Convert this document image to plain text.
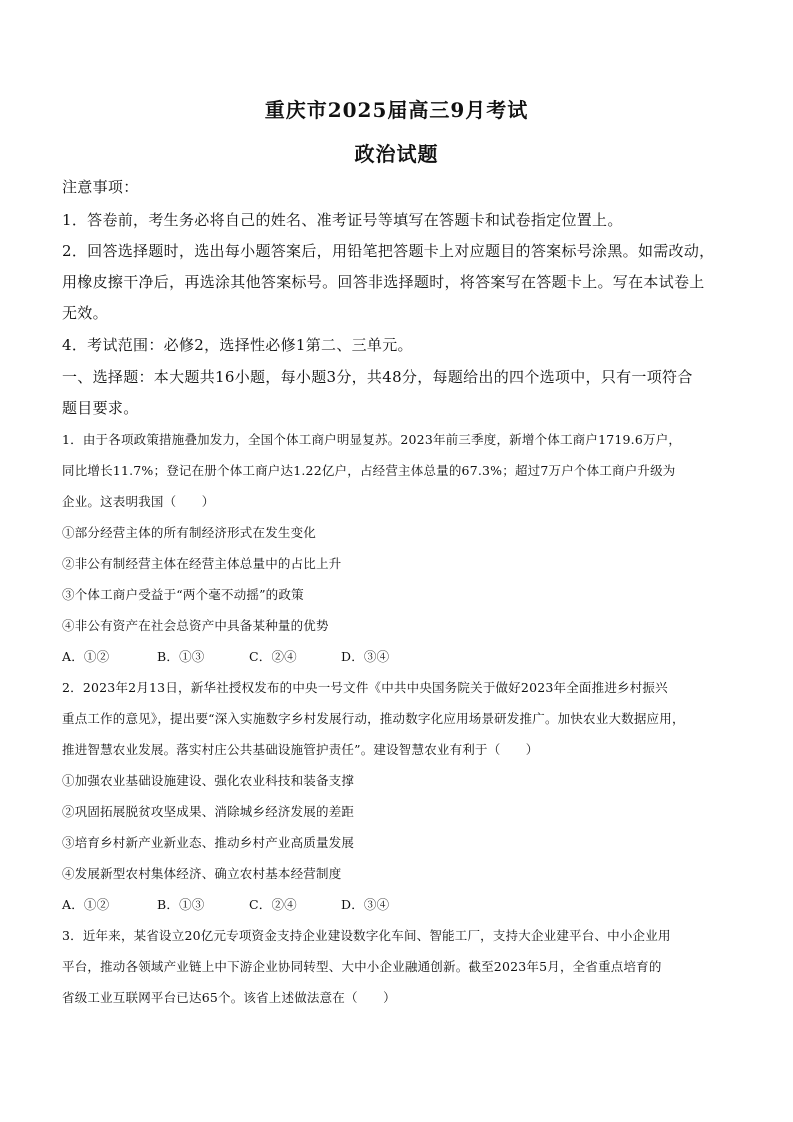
重庆市2025届高三9月考试
政治试题
注意事项：
1．答卷前，考生务必将自己的姓名、准考证号等填写在答题卡和试卷指定位置上。
2．回答选择题时，选出每小题答案后，用铅笔把答题卡上对应题目的答案标号涂黑。如需改动，
用橡皮擦干净后，再选涂其他答案标号。回答非选择题时，将答案写在答题卡上。写在本试卷上
无效。
4．考试范围：必修2，选择性必修1第二、三单元。
一、选择题：本大题共16小题，每小题3分，共48分，每题给出的四个选项中，只有一项符合
题目要求。
1．由于各项政策措施叠加发力，全国个体工商户明显复苏。2023年前三季度，新增个体工商户1719.6万户，
同比增长11.7%；登记在册个体工商户达1.22亿户，占经营主体总量的67.3%；超过7万户个体工商户升级为
企业。这表明我国（　　）
①部分经营主体的所有制经济形式在发生变化
②非公有制经营主体在经营主体总量中的占比上升
③个体工商户受益于“两个毫不动摇”的政策
④非公有资产在社会总资产中具备某种量的优势
A．①②	B．①③	C．②④	D．③④
2．2023年2月13日，新华社授权发布的中央一号文件《中共中央国务院关于做好2023年全面推进乡村振兴
重点工作的意见》，提出要“深入实施数字乡村发展行动，推动数字化应用场景研发推广。加快农业大数据应用，
推进智慧农业发展。落实村庄公共基础设施管护责任”。建设智慧农业有利于（　　）
①加强农业基础设施建设、强化农业科技和装备支撑
②巩固拓展脱贫攻坚成果、消除城乡经济发展的差距
③培育乡村新产业新业态、推动乡村产业高质量发展
④发展新型农村集体经济、确立农村基本经营制度
A．①②	B．①③	C．②④	D．③④
3．近年来，某省设立20亿元专项资金支持企业建设数字化车间、智能工厂，支持大企业建平台、中小企业用
平台，推动各领域产业链上中下游企业协同转型、大中小企业融通创新。截至2023年5月，全省重点培育的
省级工业互联网平台已达65个。该省上述做法意在（　　）
